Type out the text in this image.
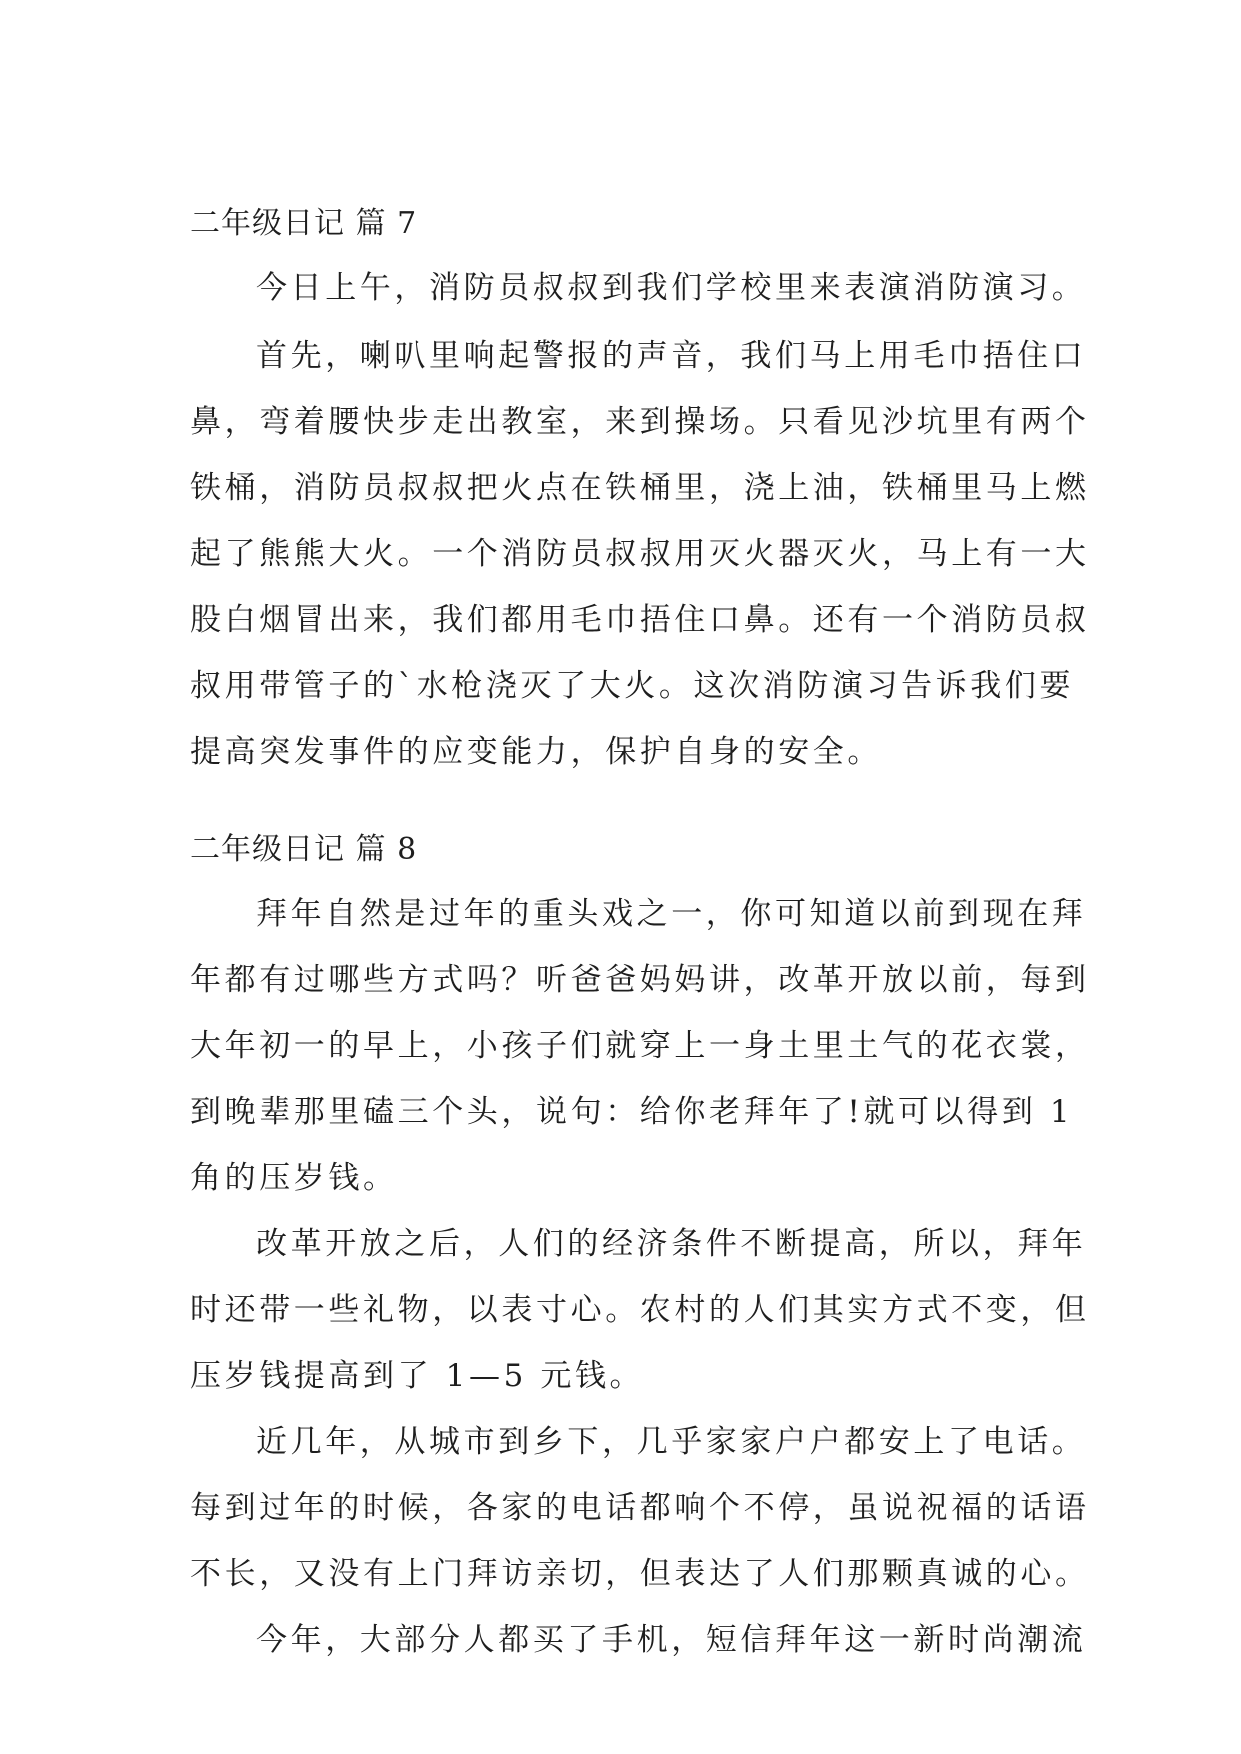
二年级日记 篇 7
今日上午，消防员叔叔到我们学校里来表演消防演习。
首先，喇叭里响起警报的声音，我们马上用毛巾捂住口
鼻，弯着腰快步走出教室，来到操场。只看见沙坑里有两个
铁桶，消防员叔叔把火点在铁桶里，浇上油，铁桶里马上燃
起了熊熊大火。一个消防员叔叔用灭火器灭火，马上有一大
股白烟冒出来，我们都用毛巾捂住口鼻。还有一个消防员叔
叔用带管子的`水枪浇灭了大火。这次消防演习告诉我们要
提高突发事件的应变能力，保护自身的安全。
二年级日记 篇 8
拜年自然是过年的重头戏之一，你可知道以前到现在拜
年都有过哪些方式吗？听爸爸妈妈讲，改革开放以前，每到
大年初一的早上，小孩子们就穿上一身土里土气的花衣裳，
到晚辈那里磕三个头，说句：给你老拜年了!就可以得到 1
角的压岁钱。
改革开放之后，人们的经济条件不断提高，所以，拜年
时还带一些礼物，以表寸心。农村的人们其实方式不变，但
压岁钱提高到了 1—5 元钱。
近几年，从城市到乡下，几乎家家户户都安上了电话。
每到过年的时候，各家的电话都响个不停，虽说祝福的话语
不长，又没有上门拜访亲切，但表达了人们那颗真诚的心。
今年，大部分人都买了手机，短信拜年这一新时尚潮流
